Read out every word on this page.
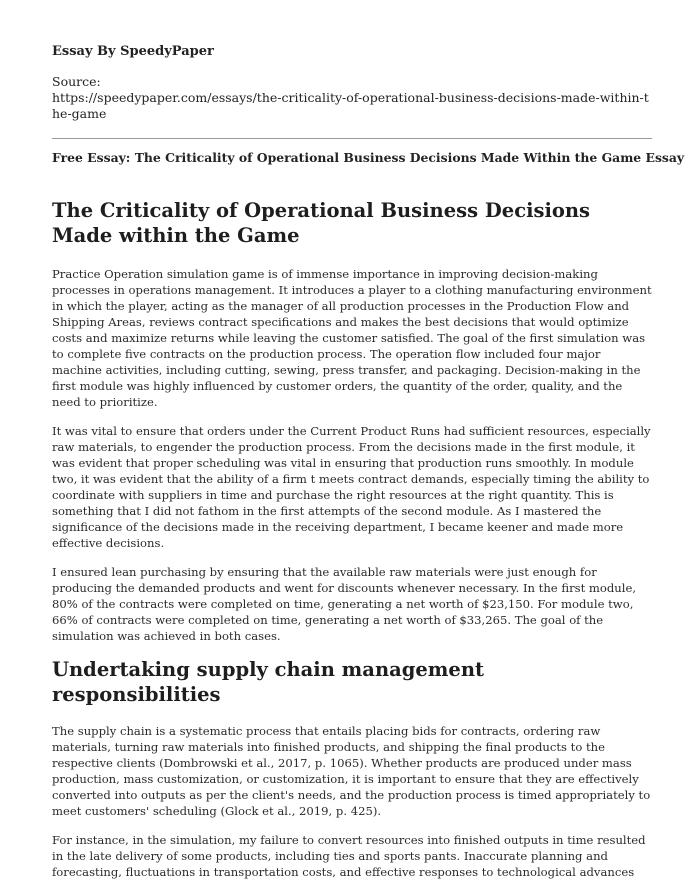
Essay By SpeedyPaper
Source:
https://speedypaper.com/essays/the-criticality-of-operational-business-decisions-made-within-the-game
Free Essay: The Criticality of Operational Business Decisions Made Within the Game Essay
The Criticality of Operational Business Decisions Made within the Game

Practice Operation simulation game is of immense importance in improving decision-making processes in operations management. It introduces a player to a clothing manufacturing environment in which the player, acting as the manager of all production processes in the Production Flow and Shipping Areas, reviews contract specifications and makes the best decisions that would optimize costs and maximize returns while leaving the customer satisfied. The goal of the first simulation was to complete five contracts on the production process. The operation flow included four major machine activities, including cutting, sewing, press transfer, and packaging. Decision-making in the first module was highly influenced by customer orders, the quantity of the order, quality, and the need to prioritize.

It was vital to ensure that orders under the Current Product Runs had sufficient resources, especially raw materials, to engender the production process. From the decisions made in the first module, it was evident that proper scheduling was vital in ensuring that production runs smoothly. In module two, it was evident that the ability of a firm t meets contract demands, especially timing the ability to coordinate with suppliers in time and purchase the right resources at the right quantity. This is something that I did not fathom in the first attempts of the second module. As I mastered the significance of the decisions made in the receiving department, I became keener and made more effective decisions.

I ensured lean purchasing by ensuring that the available raw materials were just enough for producing the demanded products and went for discounts whenever necessary. In the first module, 80% of the contracts were completed on time, generating a net worth of $23,150. For module two, 66% of contracts were completed on time, generating a net worth of $33,265. The goal of the simulation was achieved in both cases.

Undertaking supply chain management responsibilities

The supply chain is a systematic process that entails placing bids for contracts, ordering raw materials, turning raw materials into finished products, and shipping the final products to the respective clients (Dombrowski et al., 2017, p. 1065). Whether products are produced under mass production, mass customization, or customization, it is important to ensure that they are effectively converted into outputs as per the client's needs, and the production process is timed appropriately to meet customers' scheduling (Glock et al., 2019, p. 425).

For instance, in the simulation, my failure to convert resources into finished outputs in time resulted in the late delivery of some products, including ties and sports pants. Inaccurate planning and forecasting, fluctuations in transportation costs, and effective responses to technological advances
